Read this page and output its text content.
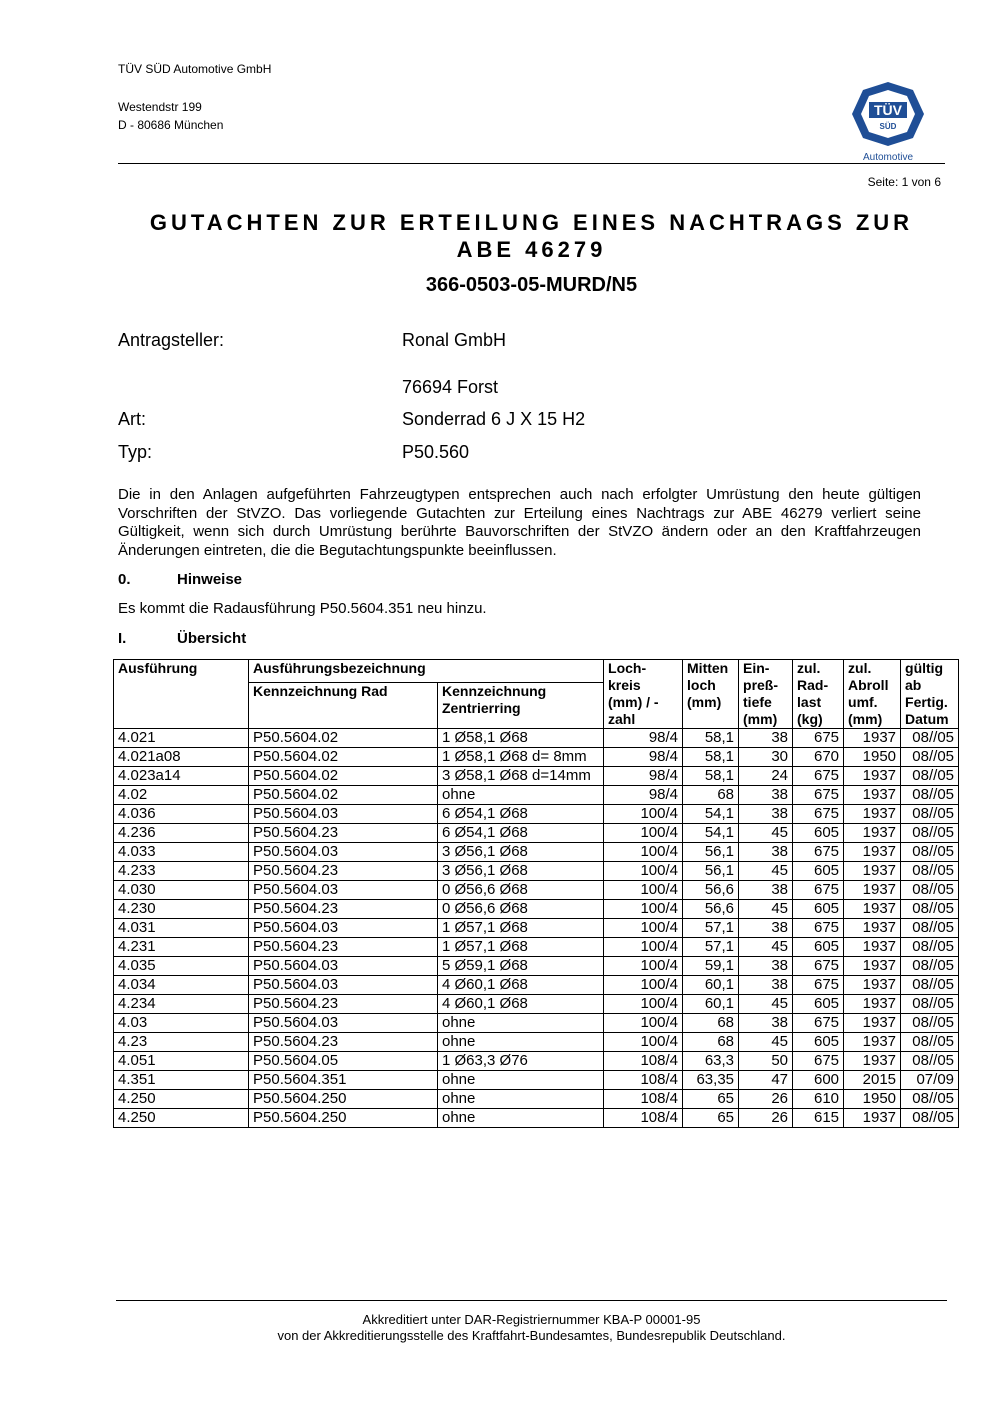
TÜV SÜD Automotive GmbH
Westendstr 199
D - 80686 München
TÜV
SÜD
Automotive
Seite: 1 von 6
GUTACHTEN ZUR ERTEILUNG EINES NACHTRAGS ZUR
ABE 46279
366-0503-05-MURD/N5
Antragsteller:	Ronal GmbH
76694 Forst
Art:	Sonderrad 6 J X 15 H2
Typ:	P50.560
Die in den Anlagen aufgeführten Fahrzeugtypen entsprechen auch nach erfolgter Umrüstung den heute gültigen Vorschriften der StVZO. Das vorliegende Gutachten zur Erteilung eines Nachtrags zur ABE 46279 verliert seine Gültigkeit, wenn sich durch Umrüstung berührte Bauvorschriften der StVZO ändern oder an den Kraftfahrzeugen Änderungen eintreten, die die Begutachtungspunkte beeinflussen.
0.	Hinweise
Es kommt die Radausführung P50.5604.351 neu hinzu.
I.	Übersicht
Ausführung	Ausführungsbezeichnung		Loch-kreis (mm) / -zahl	Mitten loch (mm)	Ein-preß-tiefe (mm)	zul. Rad-last (kg)	zul. Abroll umf. (mm)	gültig ab Fertig. Datum
	Kennzeichnung Rad	Kennzeichnung Zentrierring						
4.021	P50.5604.02	1 Ø58,1 Ø68	98/4	58,1	38	675	1937	08//05
4.021a08	P50.5604.02	1 Ø58,1 Ø68 d= 8mm	98/4	58,1	30	670	1950	08//05
4.023a14	P50.5604.02	3 Ø58,1 Ø68 d=14mm	98/4	58,1	24	675	1937	08//05
4.02	P50.5604.02	ohne	98/4	68	38	675	1937	08//05
4.036	P50.5604.03	6 Ø54,1 Ø68	100/4	54,1	38	675	1937	08//05
4.236	P50.5604.23	6 Ø54,1 Ø68	100/4	54,1	45	605	1937	08//05
4.033	P50.5604.03	3 Ø56,1 Ø68	100/4	56,1	38	675	1937	08//05
4.233	P50.5604.23	3 Ø56,1 Ø68	100/4	56,1	45	605	1937	08//05
4.030	P50.5604.03	0 Ø56,6 Ø68	100/4	56,6	38	675	1937	08//05
4.230	P50.5604.23	0 Ø56,6 Ø68	100/4	56,6	45	605	1937	08//05
4.031	P50.5604.03	1 Ø57,1 Ø68	100/4	57,1	38	675	1937	08//05
4.231	P50.5604.23	1 Ø57,1 Ø68	100/4	57,1	45	605	1937	08//05
4.035	P50.5604.03	5 Ø59,1 Ø68	100/4	59,1	38	675	1937	08//05
4.034	P50.5604.03	4 Ø60,1 Ø68	100/4	60,1	38	675	1937	08//05
4.234	P50.5604.23	4 Ø60,1 Ø68	100/4	60,1	45	605	1937	08//05
4.03	P50.5604.03	ohne	100/4	68	38	675	1937	08//05
4.23	P50.5604.23	ohne	100/4	68	45	605	1937	08//05
4.051	P50.5604.05	1 Ø63,3 Ø76	108/4	63,3	50	675	1937	08//05
4.351	P50.5604.351	ohne	108/4	63,35	47	600	2015	07/09
4.250	P50.5604.250	ohne	108/4	65	26	610	1950	08//05
4.250	P50.5604.250	ohne	108/4	65	26	615	1937	08//05
Akkreditiert unter DAR-Registriernummer KBA-P 00001-95
von der Akkreditierungsstelle des Kraftfahrt-Bundesamtes, Bundesrepublik Deutschland.
